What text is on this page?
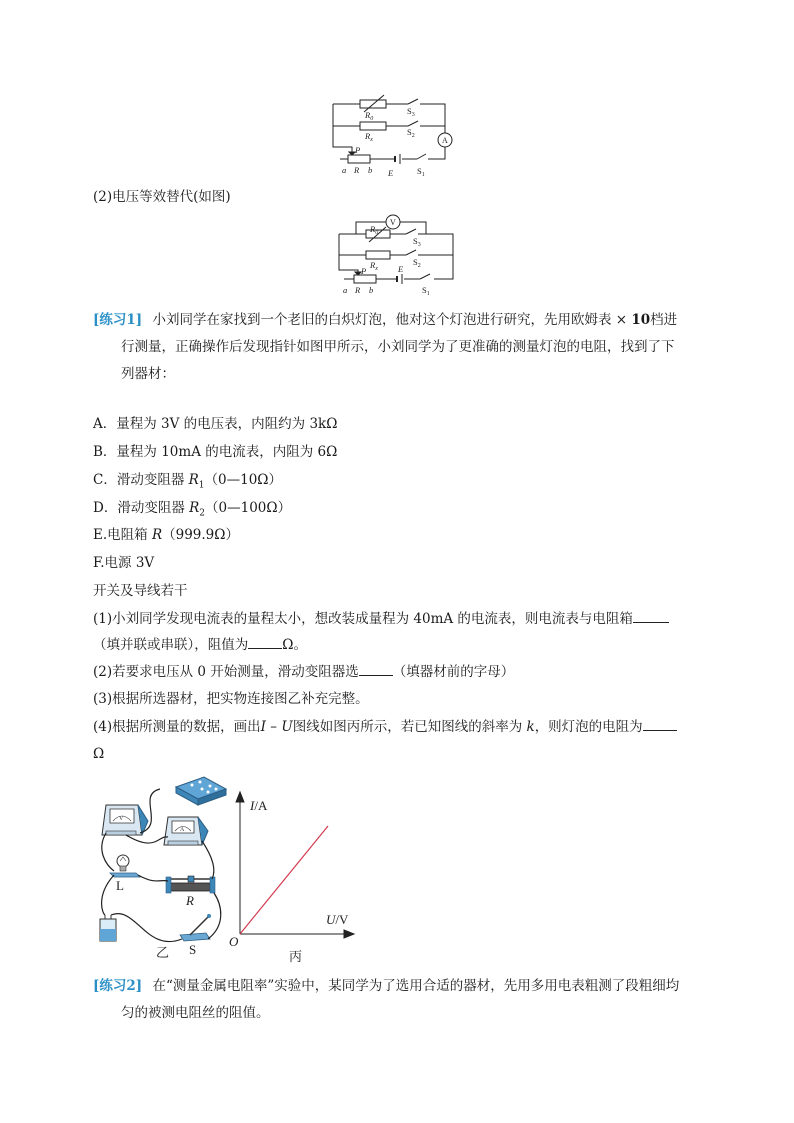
$R_0$
$R_x$
$S_3$
$S_2$
$S_1$
A
P
a R b E
(2)电压等效替代(如图)
V
$R_0$
$R_x$
$S_3$
$S_2$
$S_1$
P	E
a R b
[练习1] 小刘同学在家找到一个老旧的白炽灯泡，他对这个灯泡进行研究，先用欧姆表 × 10档进
行测量，正确操作后发现指针如图甲所示，小刘同学为了更准确的测量灯泡的电阻，找到了下
列器材：
A．量程为 3V 的电压表，内阻约为 3kΩ
B．量程为 10mA 的电流表，内阻为 6Ω
C．滑动变阻器 $R_1(0—10\Omega)$
D．滑动变阻器 $R_2(0—100\Omega)$
E.电阻箱 R（999.9Ω）
F.电源 3V
开关及导线若干
(1)小刘同学发现电流表的量程太小，想改装成量程为 40mA 的电流表，则电流表与电阻箱
（填并联或串联），阻值为	Ω。
(2)若要求电压从 0 开始测量，滑动变阻器选	（填器材前的字母）
(3)根据所选器材，把实物连接图乙补充完整。
(4)根据所测量的数据，画出I – U图线如图丙所示，若已知图线的斜率为 k，则灯泡的电阻为
Ω
V
A
L
R
S
乙
I/A
U/V
O
丙
[练习2] 在“测量金属电阻率”实验中，某同学为了选用合适的器材，先用多用电表粗测了段粗细均
匀的被测电阻丝的阻值。
